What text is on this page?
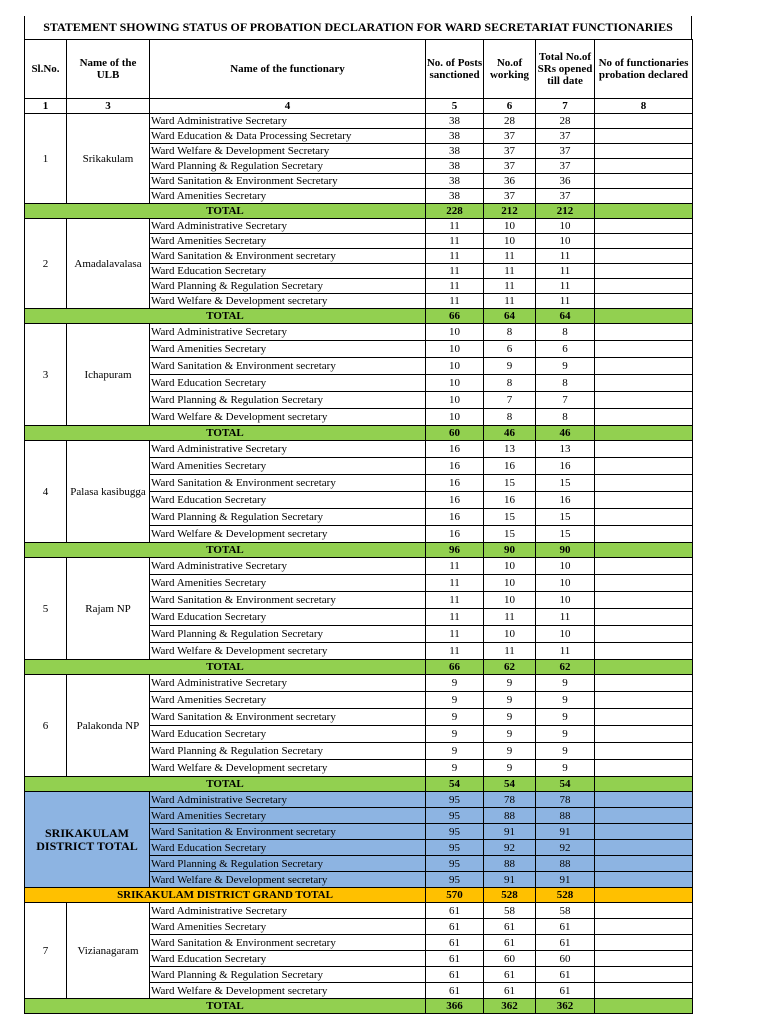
STATEMENT SHOWING STATUS OF PROBATION DECLARATION FOR WARD SECRETARIAT FUNCTIONARIES
Sl.No.	Name of the ULB	Name of the functionary	No. of Posts sanctioned	No.of working	Total No.of SRs opened till date	No of functionaries probation declared
1	3	4	5	6	7	8
1	Srikakulam	Ward Administrative Secretary	38	28	28	
		Ward Education & Data Processing Secretary	38	37	37	
		Ward Welfare & Development Secretary	38	37	37	
		Ward Planning & Regulation Secretary	38	37	37	
		Ward Sanitation & Environment Secretary	38	36	36	
		Ward Amenities Secretary	38	37	37	
TOTAL			228	212	212	
2	Amadalavalasa	Ward Administrative Secretary	11	10	10	
		Ward Amenities Secretary	11	10	10	
		Ward Sanitation & Environment secretary	11	11	11	
		Ward Education Secretary	11	11	11	
		Ward Planning & Regulation Secretary	11	11	11	
		Ward Welfare & Development secretary	11	11	11	
TOTAL			66	64	64	
3	Ichapuram	Ward Administrative Secretary	10	8	8	
		Ward Amenities Secretary	10	6	6	
		Ward Sanitation & Environment secretary	10	9	9	
		Ward Education Secretary	10	8	8	
		Ward Planning & Regulation Secretary	10	7	7	
		Ward Welfare & Development secretary	10	8	8	
TOTAL			60	46	46	
4	Palasa kasibugga	Ward Administrative Secretary	16	13	13	
		Ward Amenities Secretary	16	16	16	
		Ward Sanitation & Environment secretary	16	15	15	
		Ward Education Secretary	16	16	16	
		Ward Planning & Regulation Secretary	16	15	15	
		Ward Welfare & Development secretary	16	15	15	
TOTAL			96	90	90	
5	Rajam NP	Ward Administrative Secretary	11	10	10	
		Ward Amenities Secretary	11	10	10	
		Ward Sanitation & Environment secretary	11	10	10	
		Ward Education Secretary	11	11	11	
		Ward Planning & Regulation Secretary	11	10	10	
		Ward Welfare & Development secretary	11	11	11	
TOTAL			66	62	62	
6	Palakonda NP	Ward Administrative Secretary	9	9	9	
		Ward Amenities Secretary	9	9	9	
		Ward Sanitation & Environment secretary	9	9	9	
		Ward Education Secretary	9	9	9	
		Ward Planning & Regulation Secretary	9	9	9	
		Ward Welfare & Development secretary	9	9	9	
TOTAL			54	54	54	
SRIKAKULAM DISTRICT TOTAL		Ward Administrative Secretary	95	78	78	
		Ward Amenities Secretary	95	88	88	
		Ward Sanitation & Environment secretary	95	91	91	
		Ward Education Secretary	95	92	92	
		Ward Planning & Regulation Secretary	95	88	88	
		Ward Welfare & Development secretary	95	91	91	
SRIKAKULAM DISTRICT GRAND TOTAL			570	528	528	
7	Vizianagaram	Ward Administrative Secretary	61	58	58	
		Ward Amenities Secretary	61	61	61	
		Ward Sanitation & Environment secretary	61	61	61	
		Ward Education Secretary	61	60	60	
		Ward Planning & Regulation Secretary	61	61	61	
		Ward Welfare & Development secretary	61	61	61	
TOTAL			366	362	362	
